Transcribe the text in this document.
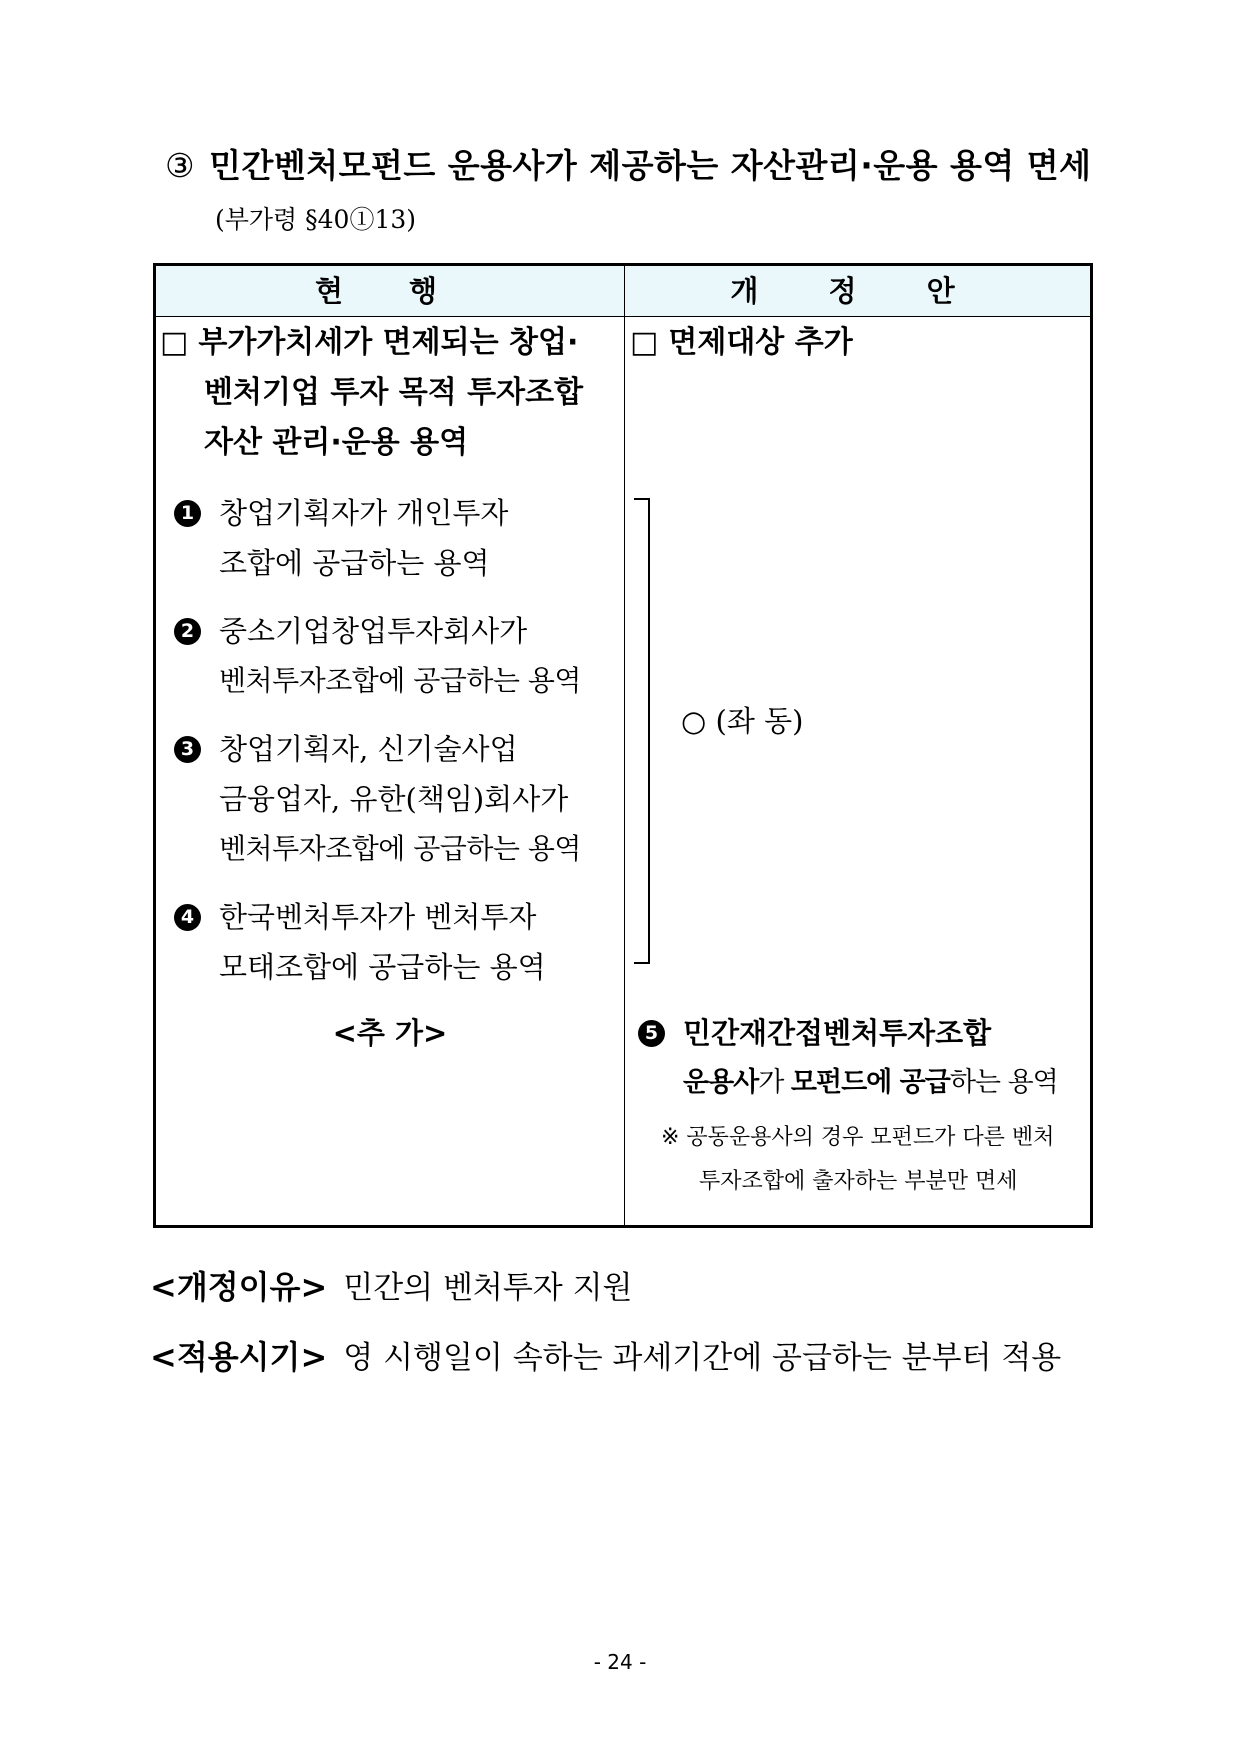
③ 민간벤처모펀드 운용사가 제공하는 자산관리·운용 용역 면세
(부가령 §40①13)
현 행	개 정 안
□ 부가가치세가 면제되는 창업·
벤처기업 투자 목적 투자조합
자산 관리·운용 용역
1 창업기획자가 개인투자
조합에 공급하는 용역
2 중소기업창업투자회사가
벤처투자조합에 공급하는 용역
3 창업기획자, 신기술사업
금융업자, 유한(책임)회사가
벤처투자조합에 공급하는 용역
4 한국벤처투자가 벤처투자
모태조합에 공급하는 용역
<추 가>
□ 면제대상 추가
○ (좌 동)
5 민간재간접벤처투자조합
운용사가 모펀드에 공급하는 용역
※ 공동운용사의 경우 모펀드가 다른 벤처
투자조합에 출자하는 부분만 면세
<개정이유> 민간의 벤처투자 지원
<적용시기> 영 시행일이 속하는 과세기간에 공급하는 분부터 적용
- 24 -
